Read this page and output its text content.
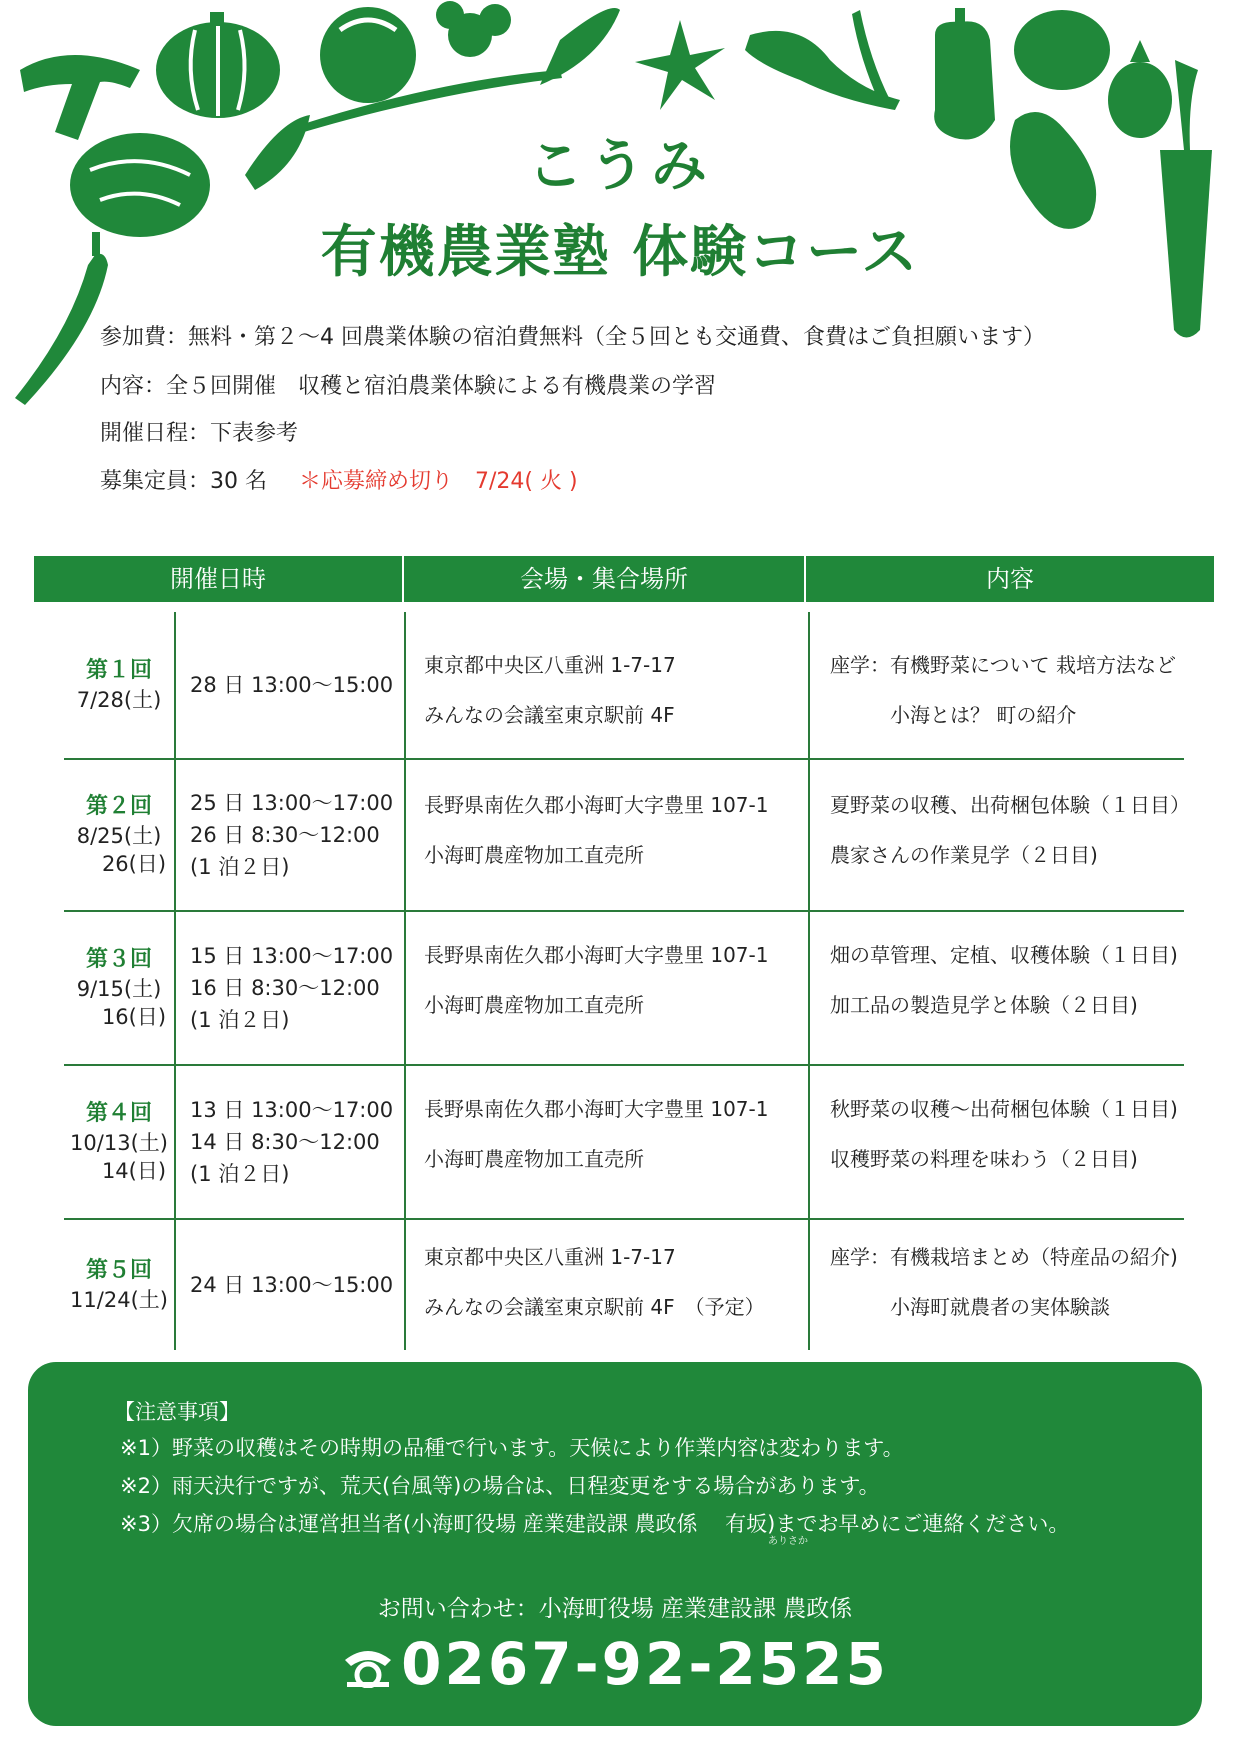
こうみ
有機農業塾 体験コース
参加費：無料・第２〜4 回農業体験の宿泊費無料（全５回とも交通費、食費はご負担願います）
内容：全５回開催　収穫と宿泊農業体験による有機農業の学習
開催日程：下表参考
募集定員：30 名 ＊応募締め切り　7/24( 火 )
開催日時	会場・集合場所	内容
第１回
7/28(土)
28 日 13:00〜15:00
東京都中央区八重洲 1-7-17
みんなの会議室東京駅前 4F
座学：有機野菜について 栽培方法など
小海とは？ 町の紹介
第２回
8/25(土)
26(日)
25 日 13:00〜17:00
26 日 8:30〜12:00
(1 泊２日)
長野県南佐久郡小海町大字豊里 107-1
小海町農産物加工直売所
夏野菜の収穫、出荷梱包体験（１日目）
農家さんの作業見学（２日目)
第３回
9/15(土)
16(日)
15 日 13:00〜17:00
16 日 8:30〜12:00
(1 泊２日)
長野県南佐久郡小海町大字豊里 107-1
小海町農産物加工直売所
畑の草管理、定植、収穫体験（１日目)
加工品の製造見学と体験（２日目)
第４回
10/13(土)
14(日)
13 日 13:00〜17:00
14 日 8:30〜12:00
(1 泊２日)
長野県南佐久郡小海町大字豊里 107-1
小海町農産物加工直売所
秋野菜の収穫〜出荷梱包体験（１日目)
収穫野菜の料理を味わう（２日目)
第５回
11/24(土)
24 日 13:00〜15:00
東京都中央区八重洲 1-7-17
みんなの会議室東京駅前 4F　（予定）
座学：有機栽培まとめ（特産品の紹介)
小海町就農者の実体験談
【注意事項】
※1）野菜の収穫はその時期の品種で行います。天候により作業内容は変わります。
※2）雨天決行ですが、荒天(台風等)の場合は、日程変更をする場合があります。
※3）欠席の場合は運営担当者(小海町役場 産業建設課 農政係　 有坂)までお早めにご連絡ください。
ありさか
お問い合わせ：小海町役場 産業建設課 農政係
0267-92-2525
